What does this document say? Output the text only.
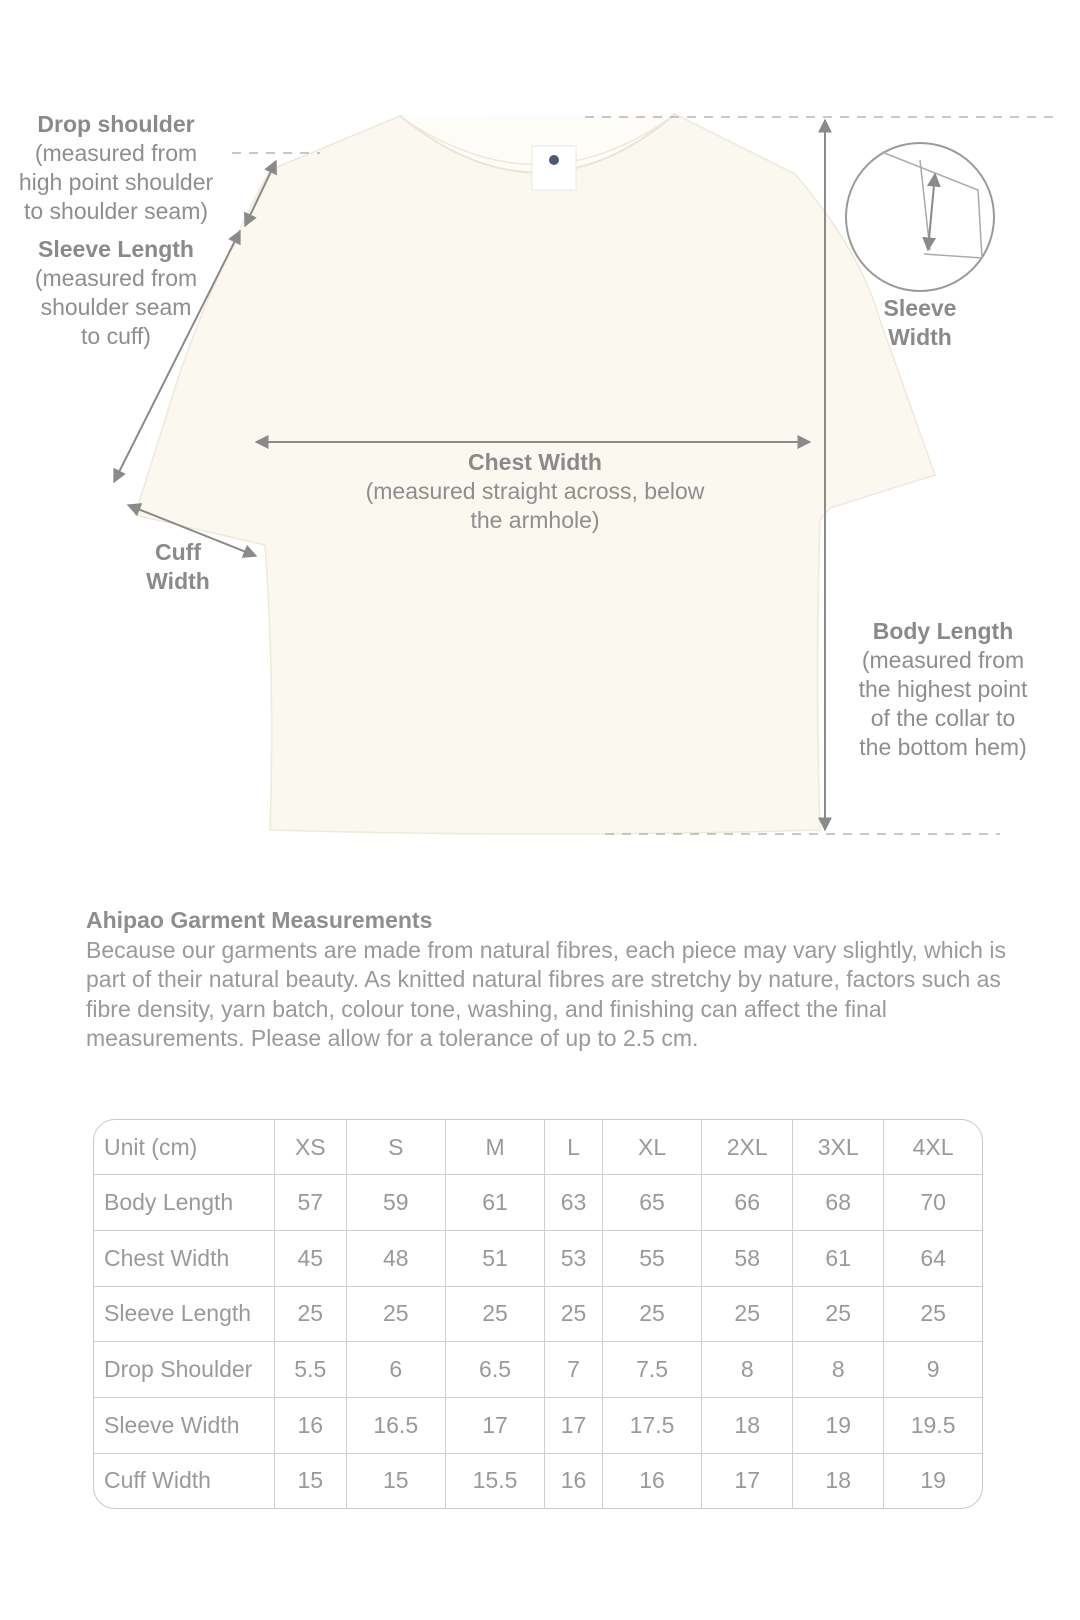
Drop shoulder
(measured from
high point shoulder
to shoulder seam)
Sleeve Length
(measured from
shoulder seam
to cuff)
Sleeve
Width
Chest Width
(measured straight across, below
the armhole)
Cuff
Width
Body Length
(measured from
the highest point
of the collar to
the bottom hem)
Ahipao Garment Measurements
Because our garments are made from natural fibres, each piece may vary slightly, which is part of their natural beauty. As knitted natural fibres are stretchy by nature, factors such as fibre density, yarn batch, colour tone, washing, and finishing can affect the final measurements. Please allow for a tolerance of up to 2.5 cm.
Unit (cm)	XS	S	M	L	XL	2XL	3XL	4XL
Body Length	57	59	61	63	65	66	68	70
Chest Width	45	48	51	53	55	58	61	64
Sleeve Length	25	25	25	25	25	25	25	25
Drop Shoulder	5.5	6	6.5	7	7.5	8	8	9
Sleeve Width	16	16.5	17	17	17.5	18	19	19.5
Cuff Width	15	15	15.5	16	16	17	18	19
